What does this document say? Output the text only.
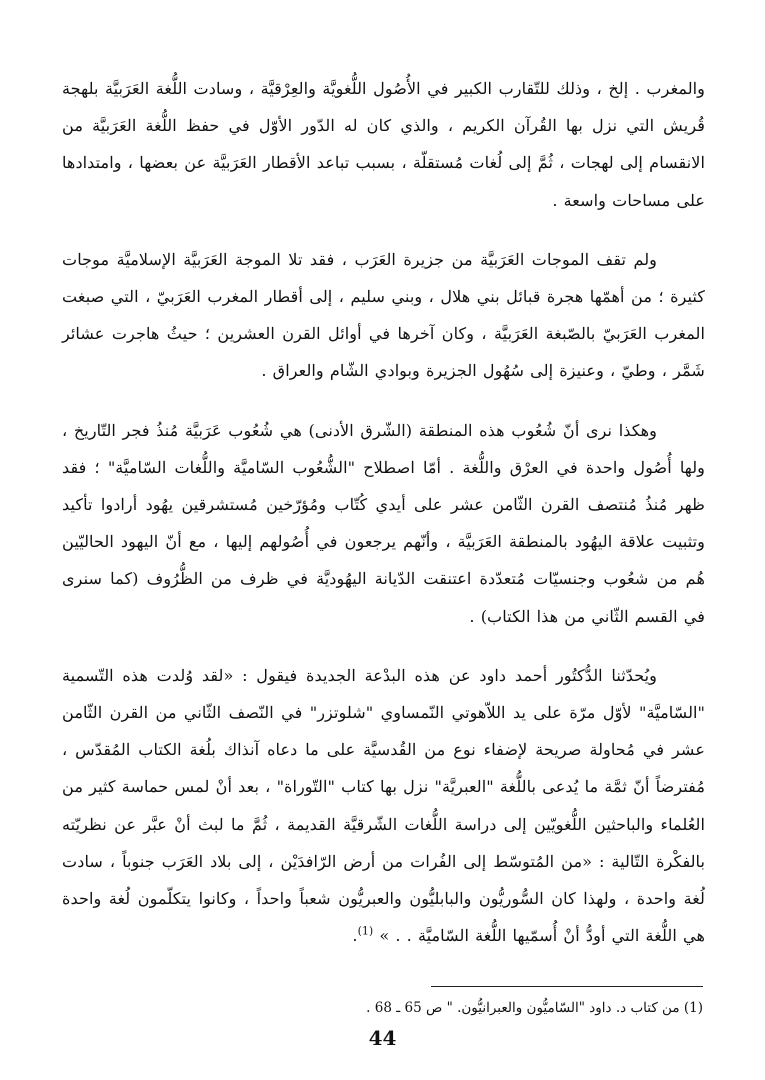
والمغرب . إلخ ، وذلك للتّقارب الكبير في الأُصُول اللُّغويَّة والعِرْقيَّة ، وسادت اللُّغة العَرَبيَّة بلهجة قُريش التي نزل بها القُرآن الكريم ، والذي كان له الدّور الأوّل في حفظ اللُّغة العَرَبيَّة من الانقسام إلى لهجات ، ثُمَّ إلى لُغات مُستقلّة ، بسبب تباعد الأقطار العَرَبيَّة عن بعضها ، وامتدادها على مساحات واسعة .

ولم تقف الموجات العَرَبيَّة من جزيرة العَرَب ، فقد تلا الموجة العَرَبيَّة الإسلاميَّة موجات كثيرة ؛ من أهمّها هجرة قبائل بني هلال ، وبني سليم ، إلى أقطار المغرب العَرَبيّ ، التي صبغت المغرب العَرَبيّ بالصّبغة العَرَبيَّة ، وكان آخرها في أوائل القرن العشرين ؛ حيثُ هاجرت عشائر شَمَّر ، وطيّ ، وعنيزة إلى سُهُول الجزيرة وبوادي الشّام والعراق .

وهكذا نرى أنّ شُعُوب هذه المنطقة (الشّرق الأدنى) هي شُعُوب عَرَبيَّة مُنذُ فجر التّاريخ ، ولها أُصُول واحدة في العرْق واللُّغة . أمّا اصطلاح "الشُّعُوب السّاميَّة واللُّغات السّاميَّة" ؛ فقد ظهر مُنذُ مُنتصف القرن الثّامن عشر على أيدي كُتّاب ومُؤرّخين مُستشرقين يهُود أرادوا تأكيد وتثبيت علاقة اليهُود بالمنطقة العَرَبيَّة ، وأنّهم يرجعون في أُصُولهم إليها ، مع أنّ اليهود الحاليّين هُم من شعُوب وجنسيّات مُتعدّدة اعتنقت الدّيانة اليهُوديَّة في ظرف من الظُّرُوف (كما سنرى في القسم الثّاني من هذا الكتاب) .

ويُحدّثنا الدُّكتُور أحمد داود عن هذه البدْعة الجديدة فيقول : «لقد وُلدت هذه التّسمية "السّاميَّة" لأوّل مرّة على يد اللاّهوتي النّمساوي "شلوتزر" في النّصف الثّاني من القرن الثّامن عشر في مُحاولة صريحة لإضفاء نوع من القُدسيَّة على ما دعاه آنذاك بلُغة الكتاب المُقدّس ، مُفترضاً أنّ ثمَّة ما يُدعى باللُّغة "العبريَّة" نزل بها كتاب "التّوراة" ، بعد أنْ لمس حماسة كثير من العُلماء والباحثين اللُّغويّين إلى دراسة اللُّغات الشّرقيَّة القديمة ، ثُمَّ ما لبث أنْ عبَّر عن نظريّته بالفكْرة التّالية : «من المُتوسّط إلى الفُرات من أرض الرّافدَيْن ، إلى بلاد العَرَب جنوباً ، سادت لُغة واحدة ، ولهذا كان السُّوريُّون والبابليُّون والعبريُّون شعباً واحداً ، وكانوا يتكلّمون لُغة واحدة هي اللُّغة التي أودُّ أنْ أُسمّيها اللُّغة السّاميَّة . . » $^{(1)}$.

(1) من كتاب د. داود "السّاميُّون والعبرانيُّون. " ص 65 ـ 68 .
44
